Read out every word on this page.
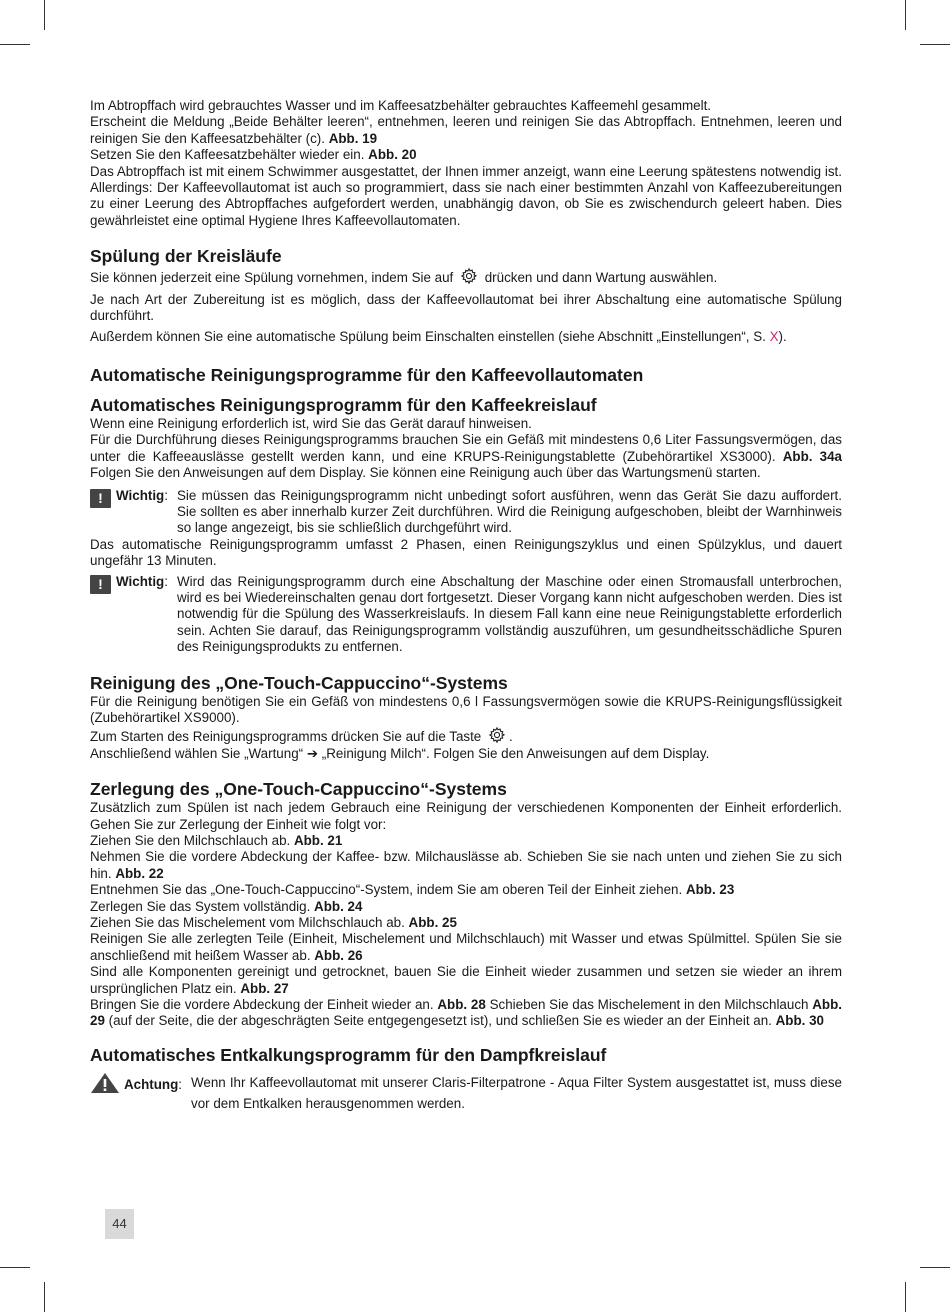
Im Abtropffach wird gebrauchtes Wasser und im Kaffeesatzbehälter gebrauchtes Kaffeemehl gesammelt.

Erscheint die Meldung „Beide Behälter leeren“, entnehmen, leeren und reinigen Sie das Abtropffach. Entnehmen, leeren und reinigen Sie den Kaffeesatzbehälter (c). Abb. 19

Setzen Sie den Kaffeesatzbehälter wieder ein. Abb. 20

Das Abtropffach ist mit einem Schwimmer ausgestattet, der Ihnen immer anzeigt, wann eine Leerung spätestens notwendig ist. Allerdings: Der Kaffeevollautomat ist auch so programmiert, dass sie nach einer bestimmten Anzahl von Kaffeezubereitungen zu einer Leerung des Abtropffaches aufgefordert werden, unabhängig davon, ob Sie es zwischendurch geleert haben. Dies gewährleistet eine optimal Hygiene Ihres Kaffeevollautomaten.

Spülung der Kreisläufe

Sie können jederzeit eine Spülung vornehmen, indem Sie auf  drücken und dann Wartung auswählen.

Je nach Art der Zubereitung ist es möglich, dass der Kaffeevollautomat bei ihrer Abschaltung eine automatische Spülung durchführt.

Außerdem können Sie eine automatische Spülung beim Einschalten einstellen (siehe Abschnitt „Einstellungen“, S. X).

Automatische Reinigungsprogramme für den Kaffeevollautomaten
Automatisches Reinigungsprogramm für den Kaffeekreislauf

Wenn eine Reinigung erforderlich ist, wird Sie das Gerät darauf hinweisen.

Für die Durchführung dieses Reinigungsprogramms brauchen Sie ein Gefäß mit mindestens 0,6 Liter Fassungsvermögen, das unter die Kaffeeauslässe gestellt werden kann, und eine KRUPS-Reinigungstablette (Zubehörartikel XS3000). Abb. 34a Folgen Sie den Anweisungen auf dem Display. Sie können eine Reinigung auch über das Wartungsmenü starten.

! Wichtig: Sie müssen das Reinigungsprogramm nicht unbedingt sofort ausführen, wenn das Gerät Sie dazu auffordert. Sie sollten es aber innerhalb kurzer Zeit durchführen. Wird die Reinigung aufgeschoben, bleibt der Warnhinweis so lange angezeigt, bis sie schließlich durchgeführt wird.

Das automatische Reinigungsprogramm umfasst 2 Phasen, einen Reinigungszyklus und einen Spülzyklus, und dauert ungefähr 13 Minuten.

! Wichtig: Wird das Reinigungsprogramm durch eine Abschaltung der Maschine oder einen Stromausfall unterbrochen, wird es bei Wiedereinschalten genau dort fortgesetzt. Dieser Vorgang kann nicht aufgeschoben werden. Dies ist notwendig für die Spülung des Wasserkreislaufs. In diesem Fall kann eine neue Reinigungstablette erforderlich sein. Achten Sie darauf, das Reinigungsprogramm vollständig auszuführen, um gesundheitsschädliche Spuren des Reinigungsprodukts zu entfernen.

Reinigung des „One-Touch-Cappuccino“-Systems

Für die Reinigung benötigen Sie ein Gefäß von mindestens 0,6 l Fassungsvermögen sowie die KRUPS-Reinigungsflüssigkeit (Zubehörartikel XS9000).

Zum Starten des Reinigungsprogramms drücken Sie auf die Taste .

Anschließend wählen Sie „Wartung“ ➔ „Reinigung Milch“. Folgen Sie den Anweisungen auf dem Display.

Zerlegung des „One-Touch-Cappuccino“-Systems

Zusätzlich zum Spülen ist nach jedem Gebrauch eine Reinigung der verschiedenen Komponenten der Einheit erforderlich. Gehen Sie zur Zerlegung der Einheit wie folgt vor:

Ziehen Sie den Milchschlauch ab. Abb. 21

Nehmen Sie die vordere Abdeckung der Kaffee- bzw. Milchauslässe ab. Schieben Sie sie nach unten und ziehen Sie zu sich hin. Abb. 22

Entnehmen Sie das „One-Touch-Cappuccino“-System, indem Sie am oberen Teil der Einheit ziehen. Abb. 23

Zerlegen Sie das System vollständig. Abb. 24

Ziehen Sie das Mischelement vom Milchschlauch ab. Abb. 25

Reinigen Sie alle zerlegten Teile (Einheit, Mischelement und Milchschlauch) mit Wasser und etwas Spülmittel. Spülen Sie sie anschließend mit heißem Wasser ab. Abb. 26

Sind alle Komponenten gereinigt und getrocknet, bauen Sie die Einheit wieder zusammen und setzen sie wieder an ihrem ursprünglichen Platz ein. Abb. 27

Bringen Sie die vordere Abdeckung der Einheit wieder an. Abb. 28 Schieben Sie das Mischelement in den Milchschlauch Abb. 29 (auf der Seite, die der abgeschrägten Seite entgegengesetzt ist), und schließen Sie es wieder an der Einheit an. Abb. 30

Automatisches Entkalkungsprogramm für den Dampfkreislauf
Achtung: Wenn Ihr Kaffeevollautomat mit unserer Claris-Filterpatrone - Aqua Filter System ausgestattet ist, muss diese vor dem Entkalken herausgenommen werden.

44
